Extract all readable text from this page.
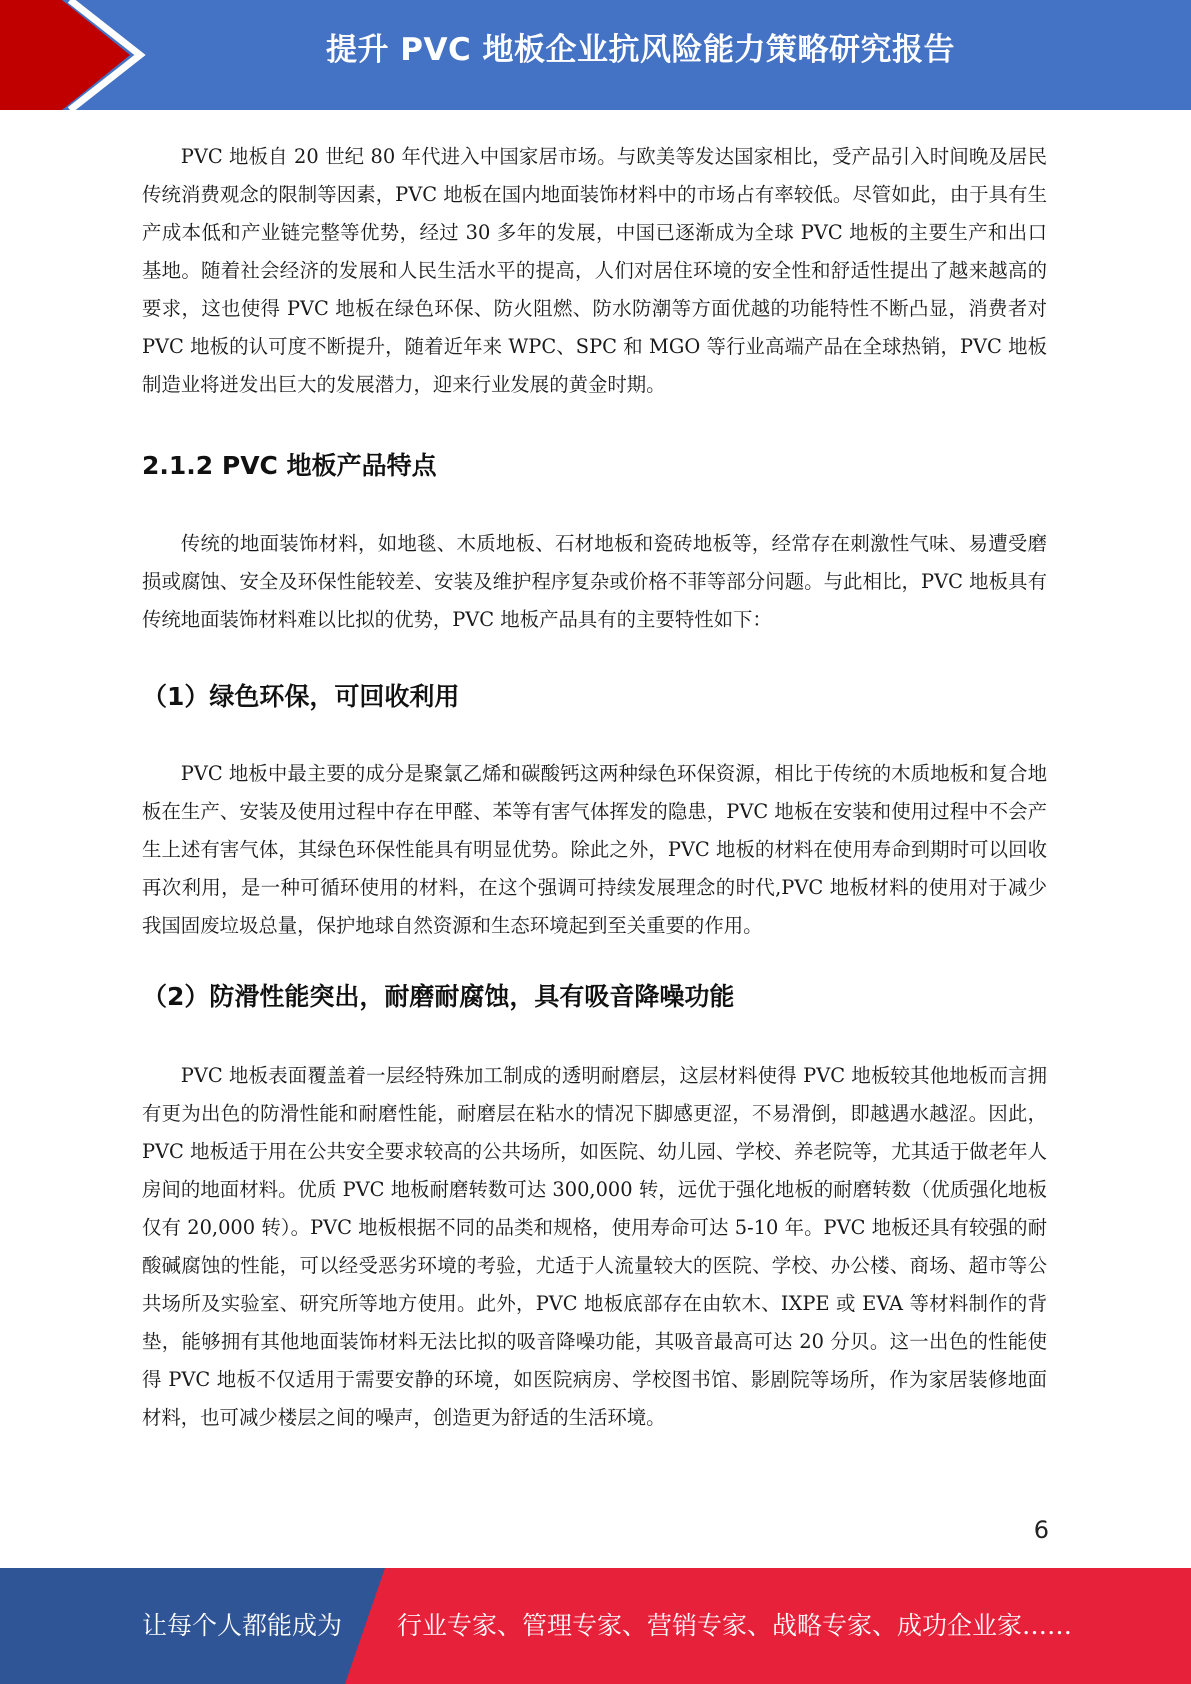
提升 PVC 地板企业抗风险能力策略研究报告

PVC 地板自 20 世纪 80 年代进入中国家居市场。与欧美等发达国家相比，受产品引入时间晚及居民传统消费观念的限制等因素，PVC 地板在国内地面装饰材料中的市场占有率较低。尽管如此，由于具有生产成本低和产业链完整等优势，经过 30 多年的发展，中国已逐渐成为全球 PVC 地板的主要生产和出口基地。随着社会经济的发展和人民生活水平的提高，人们对居住环境的安全性和舒适性提出了越来越高的要求，这也使得 PVC 地板在绿色环保、防火阻燃、防水防潮等方面优越的功能特性不断凸显，消费者对 PVC 地板的认可度不断提升，随着近年来 WPC、SPC 和 MGO 等行业高端产品在全球热销，PVC 地板制造业将迸发出巨大的发展潜力，迎来行业发展的黄金时期。

2.1.2 PVC 地板产品特点

传统的地面装饰材料，如地毯、木质地板、石材地板和瓷砖地板等，经常存在刺激性气味、易遭受磨损或腐蚀、安全及环保性能较差、安装及维护程序复杂或价格不菲等部分问题。与此相比，PVC 地板具有传统地面装饰材料难以比拟的优势，PVC 地板产品具有的主要特性如下：

（1）绿色环保，可回收利用

PVC 地板中最主要的成分是聚氯乙烯和碳酸钙这两种绿色环保资源，相比于传统的木质地板和复合地板在生产、安装及使用过程中存在甲醛、苯等有害气体挥发的隐患，PVC 地板在安装和使用过程中不会产生上述有害气体，其绿色环保性能具有明显优势。除此之外，PVC 地板的材料在使用寿命到期时可以回收再次利用，是一种可循环使用的材料，在这个强调可持续发展理念的时代,PVC 地板材料的使用对于减少我国固废垃圾总量，保护地球自然资源和生态环境起到至关重要的作用。

（2）防滑性能突出，耐磨耐腐蚀，具有吸音降噪功能

PVC 地板表面覆盖着一层经特殊加工制成的透明耐磨层，这层材料使得 PVC 地板较其他地板而言拥有更为出色的防滑性能和耐磨性能，耐磨层在粘水的情况下脚感更涩，不易滑倒，即越遇水越涩。因此，PVC 地板适于用在公共安全要求较高的公共场所，如医院、幼儿园、学校、养老院等，尤其适于做老年人房间的地面材料。优质 PVC 地板耐磨转数可达 300,000 转，远优于强化地板的耐磨转数（优质强化地板仅有 20,000 转）。PVC 地板根据不同的品类和规格，使用寿命可达 5-10 年。PVC 地板还具有较强的耐酸碱腐蚀的性能，可以经受恶劣环境的考验，尤适于人流量较大的医院、学校、办公楼、商场、超市等公共场所及实验室、研究所等地方使用。此外，PVC 地板底部存在由软木、IXPE 或 EVA 等材料制作的背垫，能够拥有其他地面装饰材料无法比拟的吸音降噪功能，其吸音最高可达 20 分贝。这一出色的性能使得 PVC 地板不仅适用于需要安静的环境，如医院病房、学校图书馆、影剧院等场所，作为家居装修地面材料，也可减少楼层之间的噪声，创造更为舒适的生活环境。

6
让每个人都能成为 行业专家、管理专家、营销专家、战略专家、成功企业家……
